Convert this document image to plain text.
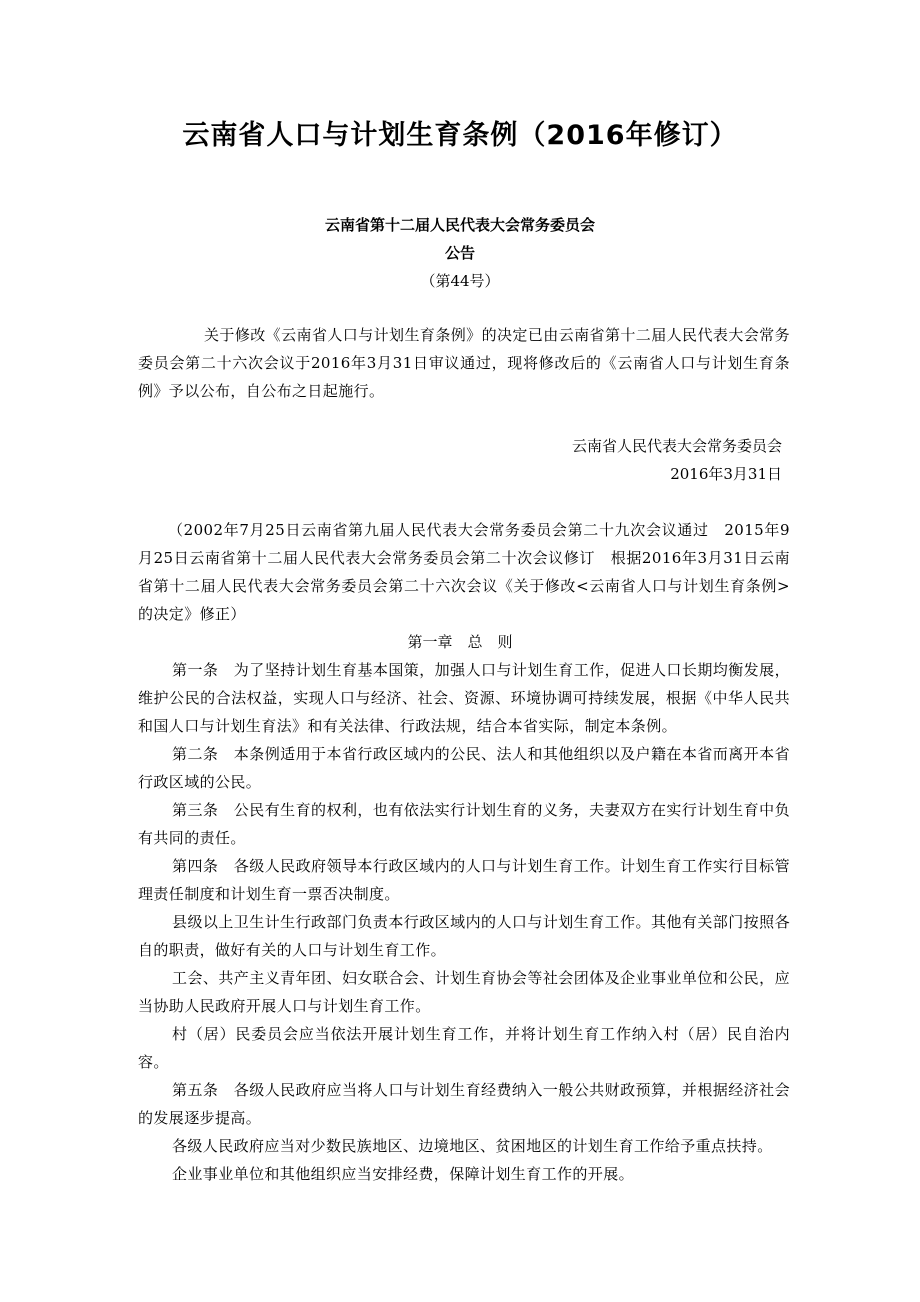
云南省人口与计划生育条例（2016年修订）
云南省第十二届人民代表大会常务委员会
公告
（第44号）
关于修改《云南省人口与计划生育条例》的决定已由云南省第十二届人民代表大会常务委员会第二十六次会议于2016年3月31日审议通过，现将修改后的《云南省人口与计划生育条例》予以公布，自公布之日起施行。
云南省人民代表大会常务委员会
2016年3月31日
（2002年7月25日云南省第九届人民代表大会常务委员会第二十九次会议通过　2015年9月25日云南省第十二届人民代表大会常务委员会第二十次会议修订　根据2016年3月31日云南省第十二届人民代表大会常务委员会第二十六次会议《关于修改<云南省人口与计划生育条例>的决定》修正）
第一章　总　则

第一条　为了坚持计划生育基本国策，加强人口与计划生育工作，促进人口长期均衡发展，维护公民的合法权益，实现人口与经济、社会、资源、环境协调可持续发展，根据《中华人民共和国人口与计划生育法》和有关法律、行政法规，结合本省实际，制定本条例。

第二条　本条例适用于本省行政区域内的公民、法人和其他组织以及户籍在本省而离开本省行政区域的公民。

第三条　公民有生育的权利，也有依法实行计划生育的义务，夫妻双方在实行计划生育中负有共同的责任。

第四条　各级人民政府领导本行政区域内的人口与计划生育工作。计划生育工作实行目标管理责任制度和计划生育一票否决制度。

县级以上卫生计生行政部门负责本行政区域内的人口与计划生育工作。其他有关部门按照各自的职责，做好有关的人口与计划生育工作。

工会、共产主义青年团、妇女联合会、计划生育协会等社会团体及企业事业单位和公民，应当协助人民政府开展人口与计划生育工作。

村（居）民委员会应当依法开展计划生育工作，并将计划生育工作纳入村（居）民自治内容。

第五条　各级人民政府应当将人口与计划生育经费纳入一般公共财政预算，并根据经济社会的发展逐步提高。

各级人民政府应当对少数民族地区、边境地区、贫困地区的计划生育工作给予重点扶持。

企业事业单位和其他组织应当安排经费，保障计划生育工作的开展。
